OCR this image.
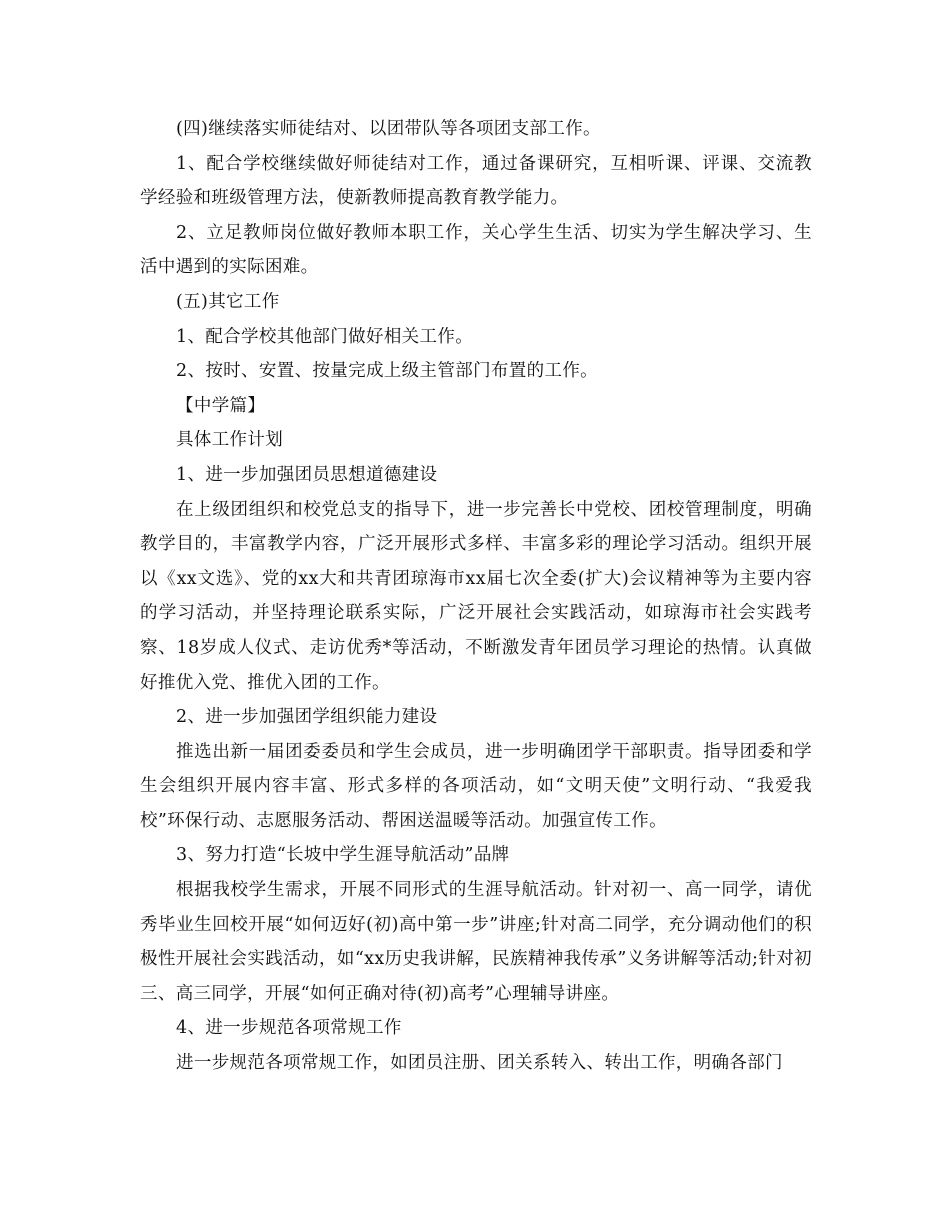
(四)继续落实师徒结对、以团带队等各项团支部工作。

1、配合学校继续做好师徒结对工作，通过备课研究，互相听课、评课、交流教学经验和班级管理方法，使新教师提高教育教学能力。

2、立足教师岗位做好教师本职工作，关心学生生活、切实为学生解决学习、生活中遇到的实际困难。

(五)其它工作

1、配合学校其他部门做好相关工作。

2、按时、安置、按量完成上级主管部门布置的工作。

【中学篇】

具体工作计划

1、进一步加强团员思想道德建设

在上级团组织和校党总支的指导下，进一步完善长中党校、团校管理制度，明确教学目的，丰富教学内容，广泛开展形式多样、丰富多彩的理论学习活动。组织开展以《xx文选》、党的xx大和共青团琼海市xx届七次全委(扩大)会议精神等为主要内容的学习活动，并坚持理论联系实际，广泛开展社会实践活动，如琼海市社会实践考察、18岁成人仪式、走访优秀*等活动，不断激发青年团员学习理论的热情。认真做好推优入党、推优入团的工作。

2、进一步加强团学组织能力建设

推选出新一届团委委员和学生会成员，进一步明确团学干部职责。指导团委和学生会组织开展内容丰富、形式多样的各项活动，如“文明天使”文明行动、“我爱我校”环保行动、志愿服务活动、帮困送温暖等活动。加强宣传工作。

3、努力打造“长坡中学生涯导航活动”品牌

根据我校学生需求，开展不同形式的生涯导航活动。针对初一、高一同学，请优秀毕业生回校开展“如何迈好(初)高中第一步”讲座;针对高二同学，充分调动他们的积极性开展社会实践活动，如“xx历史我讲解，民族精神我传承”义务讲解等活动;针对初三、高三同学，开展“如何正确对待(初)高考”心理辅导讲座。

4、进一步规范各项常规工作

进一步规范各项常规工作，如团员注册、团关系转入、转出工作，明确各部门
